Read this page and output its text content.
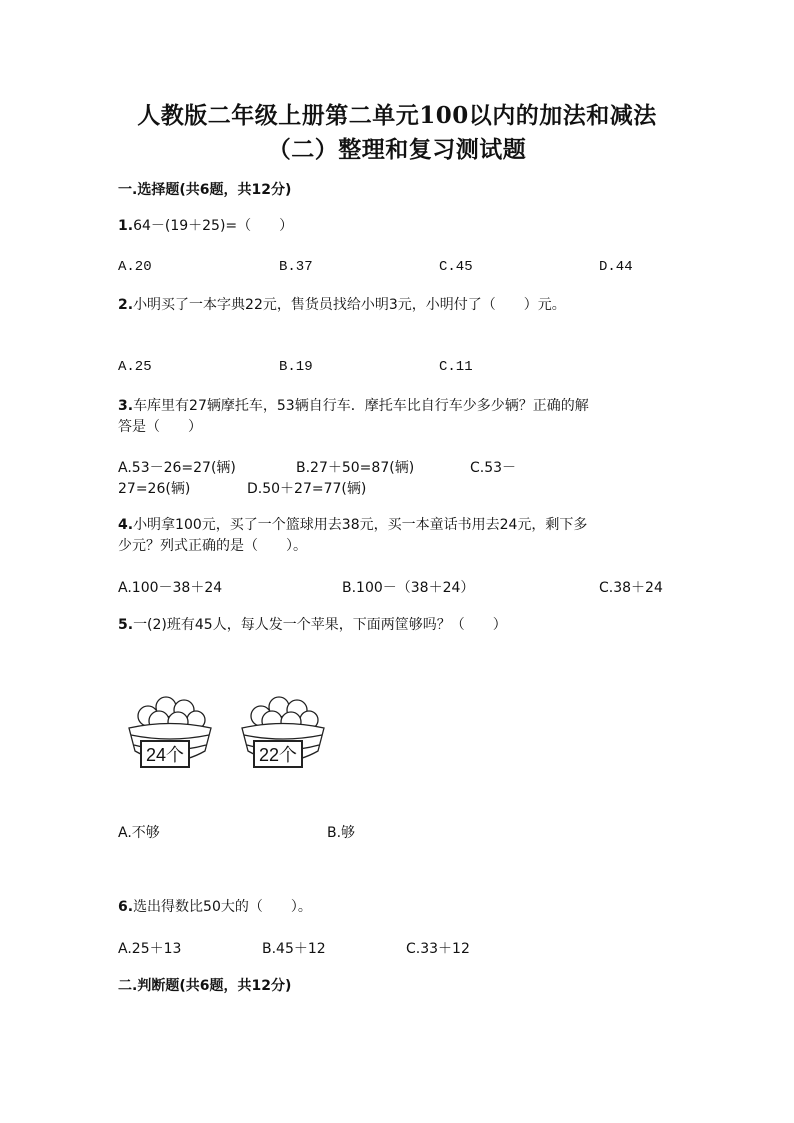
人教版二年级上册第二单元100以内的加法和减法
（二）整理和复习测试题
一.选择题(共6题，共12分)
1.64－(19＋25)=（　　）
A.20	B.37	C.45	D.44
2.小明买了一本字典22元，售货员找给小明3元，小明付了（　　）元。
A.25	B.19	C.11
3.车库里有27辆摩托车，53辆自行车．摩托车比自行车少多少辆？正确的解
答是（　　）
A.53－26=27(辆)	B.27＋50=87(辆)	C.53－
27=26(辆)	D.50＋27=77(辆)
4.小明拿100元，买了一个篮球用去38元，买一本童话书用去24元，剩下多
少元？列式正确的是（　　）。
A.100－38＋24	B.100－（38＋24）	C.38＋24
5.一(2)班有45人，每人发一个苹果，下面两筐够吗？（　　）
24个	22个
A.不够	B.够
6.选出得数比50大的（　　）。
A.25＋13	B.45＋12	C.33＋12
二.判断题(共6题，共12分)
